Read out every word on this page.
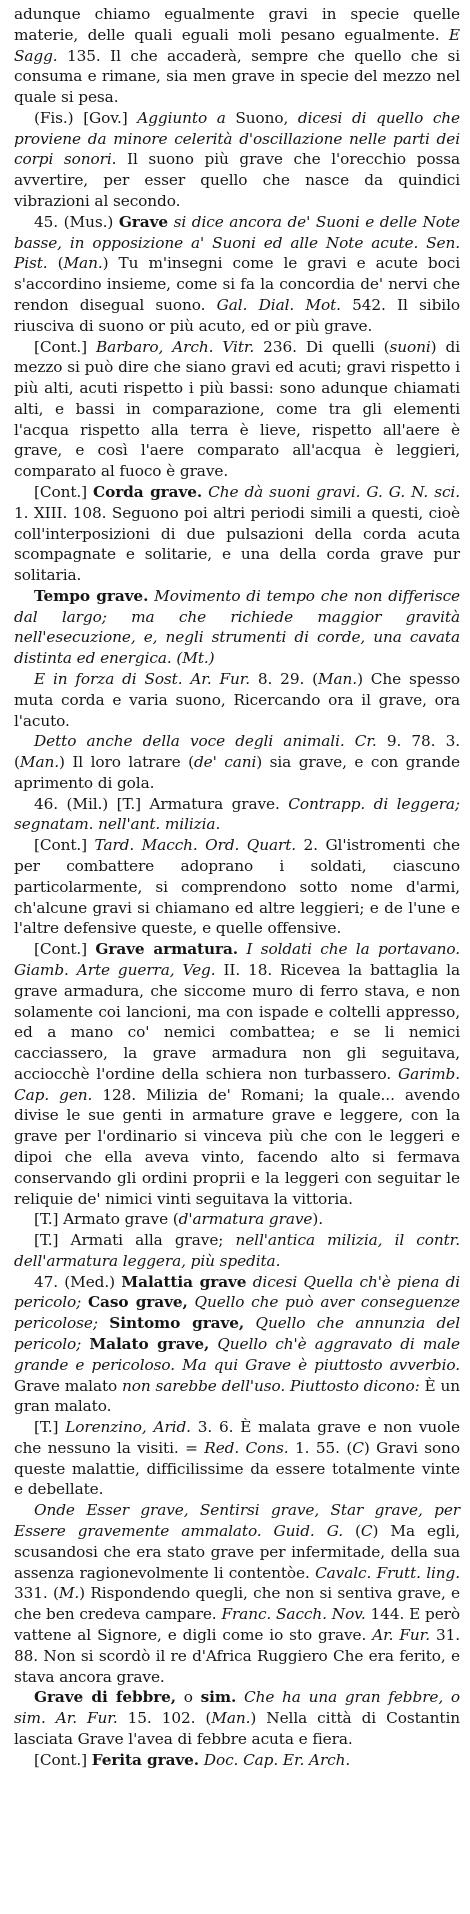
adunque chiamo egualmente gravi in specie quelle materie, delle quali eguali moli pesano egualmente. E Sagg. 135. Il che accaderà, sempre che quello che si consuma e rimane, sia men grave in specie del mezzo nel quale si pesa.

(Fis.) [Gov.] Aggiunto a Suono, dicesi di quello che proviene da minore celerità d'oscillazione nelle parti dei corpi sonori. Il suono più grave che l'orecchio possa avvertire, per esser quello che nasce da quindici vibrazioni al secondo.

45. (Mus.) Grave si dice ancora de' Suoni e delle Note basse, in opposizione a' Suoni ed alle Note acute. Sen. Pist. (Man.) Tu m'insegni come le gravi e acute boci s'accordino insieme, come si fa la concordia de' nervi che rendon disegual suono. Gal. Dial. Mot. 542. Il sibilo riusciva di suono or più acuto, ed or più grave.

[Cont.] Barbaro, Arch. Vitr. 236. Di quelli (suoni) di mezzo si può dire che siano gravi ed acuti; gravi rispetto i più alti, acuti rispetto i più bassi: sono adunque chiamati alti, e bassi in comparazione, come tra gli elementi l'acqua rispetto alla terra è lieve, rispetto all'aere è grave, e così l'aere comparato all'acqua è leggieri, comparato al fuoco è grave.

[Cont.] Corda grave. Che dà suoni gravi. G. G. N. sci. 1. XIII. 108. Seguono poi altri periodi simili a questi, cioè coll'interposizioni di due pulsazioni della corda acuta scompagnate e solitarie, e una della corda grave pur solitaria.

Tempo grave. Movimento di tempo che non differisce dal largo; ma che richiede maggior gravità nell'esecuzione, e, negli strumenti di corde, una cavata distinta ed energica. (Mt.)

E in forza di Sost. Ar. Fur. 8. 29. (Man.) Che spesso muta corda e varia suono, Ricercando ora il grave, ora l'acuto.

Detto anche della voce degli animali. Cr. 9. 78. 3. (Man.) Il loro latrare (de' cani) sia grave, e con grande aprimento di gola.

46. (Mil.) [T.] Armatura grave. Contrapp. di leggera; segnatam. nell'ant. milizia.

[Cont.] Tard. Macch. Ord. Quart. 2. Gl'istromenti che per combattere adoprano i soldati, ciascuno particolarmente, si comprendono sotto nome d'armi, ch'alcune gravi si chiamano ed altre leggieri; e de l'une e l'altre defensive queste, e quelle offensive.

[Cont.] Grave armatura. I soldati che la portavano. Giamb. Arte guerra, Veg. II. 18. Riceveа la battaglia la grave armadura, che siccome muro di ferro stava, e non solamente coi lancioni, ma con ispade e coltelli appresso, ed a mano co' nemici combattea; e se li nemici cacciassero, la grave armadura non gli seguitava, acciocchè l'ordine della schiera non turbassero. Garimb. Cap. gen. 128. Milizia de' Romani; la quale... avendo divise le sue genti in armature grave e leggere, con la grave per l'ordinario si vinceva più che con le leggeri e dipoi che ella aveva vinto, facendo alto si fermava conservando gli ordini proprii e la leggeri con seguitar le reliquie de' nimici vinti seguitava la vittoria.

[T.] Armato grave (d'armatura grave).

[T.] Armati alla grave; nell'antica milizia, il contr. dell'armatura leggera, più spedita.

47. (Med.) Malattia grave dicesi Quella ch'è piena di pericolo; Caso grave, Quello che può aver conseguenze pericolose; Sintomo grave, Quello che annunzia del pericolo; Malato grave, Quello ch'è aggravato di male grande e pericoloso. Ma qui Grave è piuttosto avverbio. Grave malato non sarebbe dell'uso. Piuttosto dicono: È un gran malato.

[T.] Lorenzino, Arid. 3. 6. È malata grave e non vuole che nessuno la visiti. = Red. Cons. 1. 55. (C) Gravi sono queste malattie, difficilissime da essere totalmente vinte e debellate.

Onde Esser grave, Sentirsi grave, Star grave, per Essere gravemente ammalato. Guid. G. (C) Ma egli, scusandosi che era stato grave per infermitade, della sua assenza ragionevolmente li contentòe. Cavalc. Frutt. ling. 331. (M.) Rispondendo quegli, che non si sentiva grave, e che ben credeva campare. Franc. Sacch. Nov. 144. E però vattene al Signore, e digli come io sto grave. Ar. Fur. 31. 88. Non si scordò il re d'Africa Ruggiero Che era ferito, e stava ancora grave.

Grave di febbre, o sim. Che ha una gran febbre, o sim. Ar. Fur. 15. 102. (Man.) Nella città di Costantin lasciata Grave l'avea di febbre acuta e fiera.

[Cont.] Ferita grave. Doc. Cap. Er. Arch.
